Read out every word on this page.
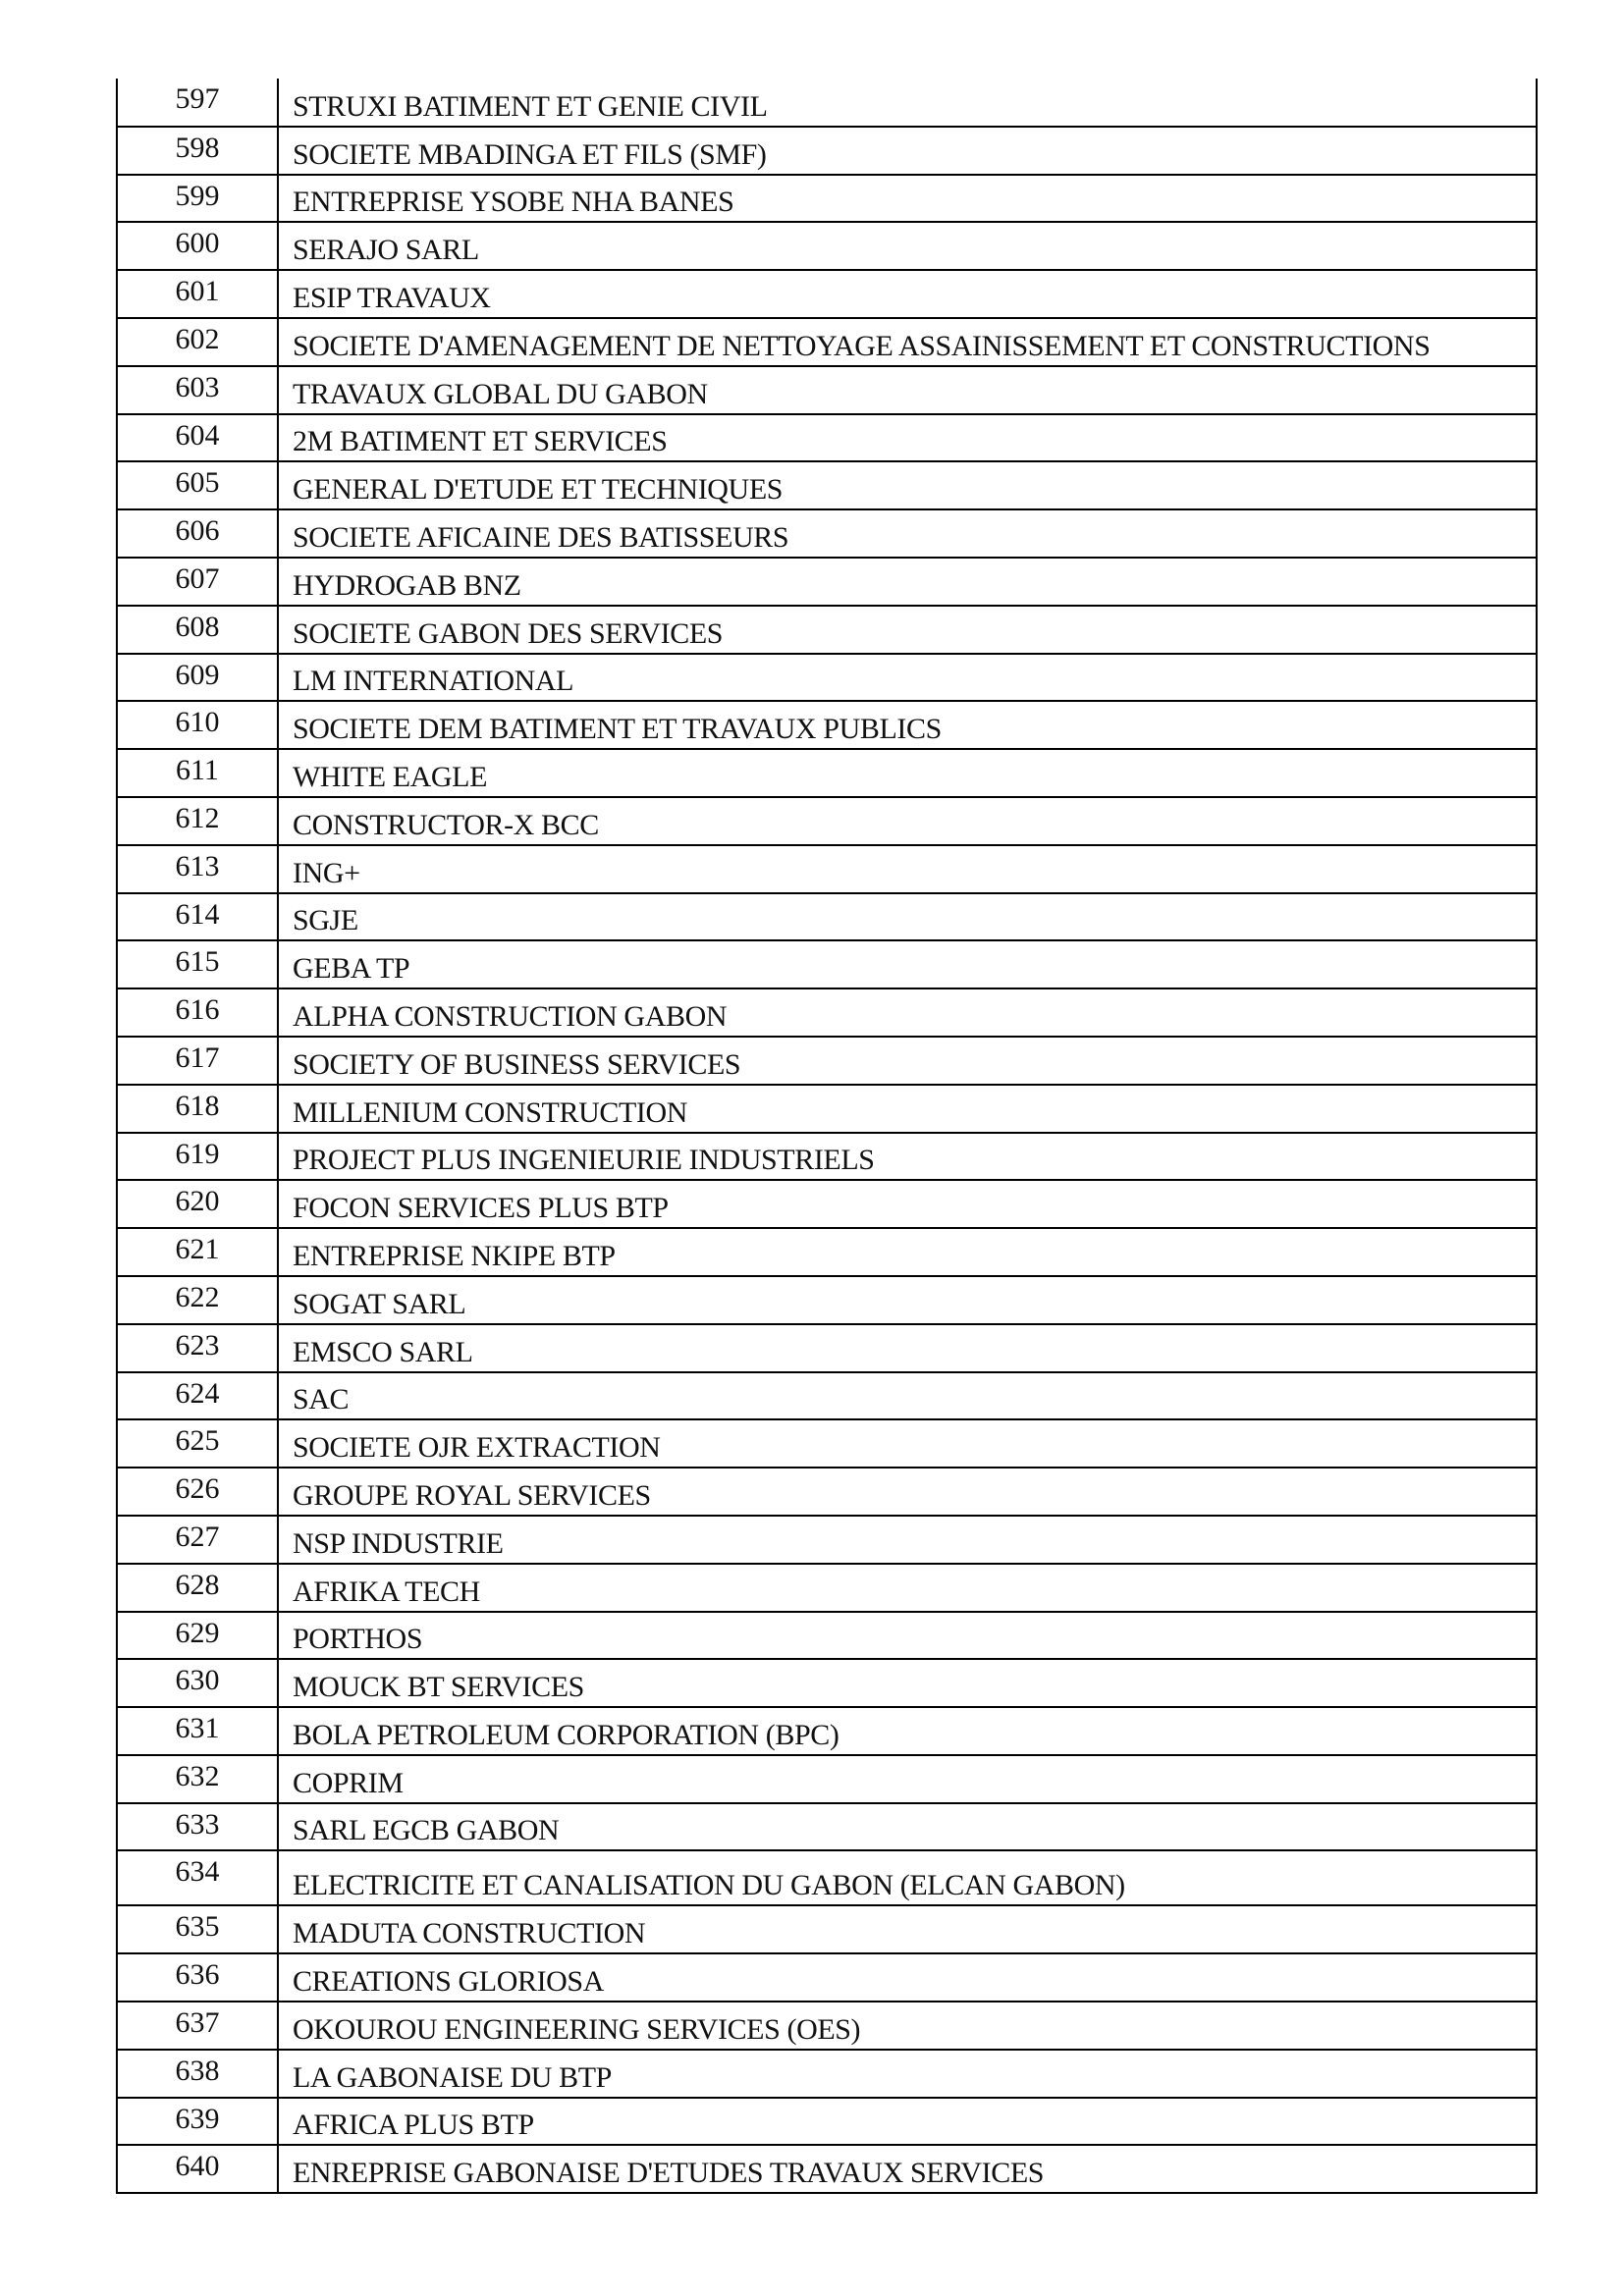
597	STRUXI BATIMENT ET GENIE CIVIL
598	SOCIETE MBADINGA ET FILS (SMF)
599	ENTREPRISE YSOBE NHA BANES
600	SERAJO SARL
601	ESIP TRAVAUX
602	SOCIETE D'AMENAGEMENT DE NETTOYAGE ASSAINISSEMENT ET CONSTRUCTIONS
603	TRAVAUX GLOBAL DU GABON
604	2M BATIMENT ET SERVICES
605	GENERAL D'ETUDE ET TECHNIQUES
606	SOCIETE AFICAINE DES BATISSEURS
607	HYDROGAB BNZ
608	SOCIETE GABON DES SERVICES
609	LM INTERNATIONAL
610	SOCIETE DEM BATIMENT ET TRAVAUX PUBLICS
611	WHITE EAGLE
612	CONSTRUCTOR-X BCC
613	ING+
614	SGJE
615	GEBA TP
616	ALPHA CONSTRUCTION GABON
617	SOCIETY OF BUSINESS SERVICES
618	MILLENIUM CONSTRUCTION
619	PROJECT PLUS INGENIEURIE INDUSTRIELS
620	FOCON SERVICES PLUS BTP
621	ENTREPRISE NKIPE BTP
622	SOGAT SARL
623	EMSCO SARL
624	SAC
625	SOCIETE OJR EXTRACTION
626	GROUPE ROYAL SERVICES
627	NSP INDUSTRIE
628	AFRIKA TECH
629	PORTHOS
630	MOUCK BT SERVICES
631	BOLA PETROLEUM CORPORATION (BPC)
632	COPRIM
633	SARL EGCB GABON
634	ELECTRICITE ET CANALISATION DU GABON (ELCAN GABON)
635	MADUTA CONSTRUCTION
636	CREATIONS GLORIOSA
637	OKOUROU ENGINEERING SERVICES (OES)
638	LA GABONAISE DU BTP
639	AFRICA PLUS BTP
640	ENREPRISE GABONAISE D'ETUDES TRAVAUX SERVICES
